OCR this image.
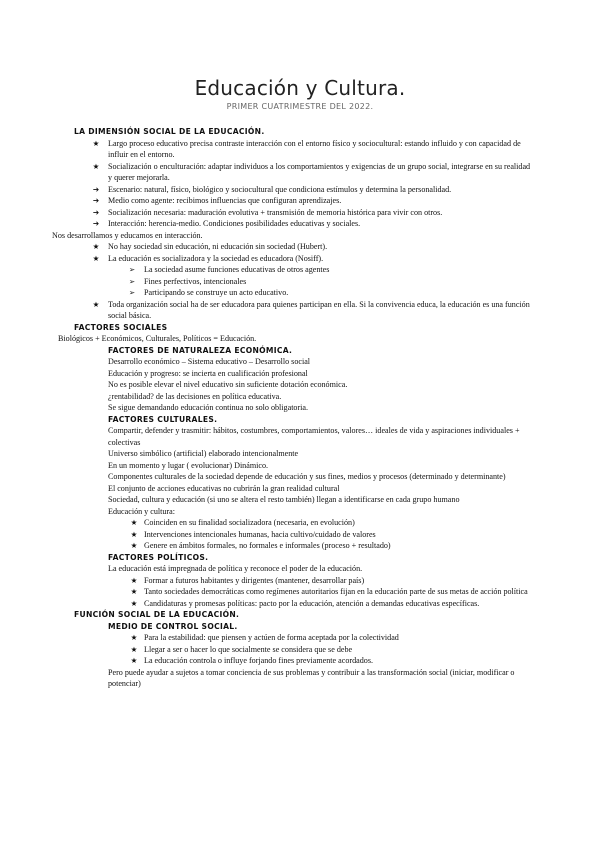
Educación y Cultura.
PRIMER CUATRIMESTRE DEL 2022.
LA DIMENSIÓN SOCIAL DE LA EDUCACIÓN.
★	Largo proceso educativo precisa contraste interacción con el entorno físico y sociocultural: estando influido y con capacidad de influir en el entorno.
★	Socialización o enculturación: adaptar individuos a los comportamientos y exigencias de un grupo social, integrarse en su realidad y querer mejorarla.
➔	Escenario: natural, físico, biológico y sociocultural que condiciona estímulos y determina la personalidad.
➔	Medio como agente: recibimos influencias que configuran aprendizajes.
➔	Socialización necesaria: maduración evolutiva + transmisión de memoria histórica para vivir con otros.
➔	Interacción: herencia-medio. Condiciones posibilidades educativas y sociales.

Nos desarrollamos y educamos en interacción.

★	No hay sociedad sin educación, ni educación sin sociedad (Hubert).
★	La educación es socializadora y la sociedad es educadora (Nosiff).
➢	La sociedad asume funciones educativas de otros agentes
➢	Fines perfectivos, intencionales
➢	Participando se construye un acto educativo.
★	Toda organización social ha de ser educadora para quienes participan en ella. Si la convivencia educa, la educación es una función social básica.
FACTORES SOCIALES

Biológicos + Económicos, Culturales, Políticos = Educación.

FACTORES DE NATURALEZA ECONÓMICA.

Desarrollo económico – Sistema educativo – Desarrollo social

Educación y progreso: se incierta en cualificación profesional

No es posible elevar el nivel educativo sin suficiente dotación económica.

¿rentabilidad? de las decisiones en política educativa.

Se sigue demandando educación continua no solo obligatoria.

FACTORES CULTURALES.

Compartir, defender y trasmitir: hábitos, costumbres, comportamientos, valores… ideales de vida y aspiraciones individuales + colectivas

Universo simbólico (artificial) elaborado intencionalmente

En un momento y lugar ( evolucionar) Dinámico.

Componentes culturales de la sociedad depende de educación y sus fines, medios y procesos (determinado y determinante)

El conjunto de acciones educativas no cubrirán la gran realidad cultural

Sociedad, cultura y educación (si uno se altera el resto también) llegan a identificarse en cada grupo humano

Educación y cultura:

★ Coinciden en su finalidad socializadora (necesaria, en evolución)
★ Intervenciones intencionales humanas, hacia cultivo/cuidado de valores
★ Genere en ámbitos formales, no formales e informales (proceso + resultado)
FACTORES POLÍTICOS.

La educación está impregnada de política y reconoce el poder de la educación.

★ Formar a futuros habitantes y dirigentes (mantener, desarrollar país)
★ Tanto sociedades democráticas como regímenes autoritarios fijan en la educación parte de sus metas de acción política
★ Candidaturas y promesas políticas: pacto por la educación, atención a demandas educativas específicas.
FUNCIÓN SOCIAL DE LA EDUCACIÓN.
MEDIO DE CONTROL SOCIAL.
★ Para la estabilidad: que piensen y actúen de forma aceptada por la colectividad
★ Llegar a ser o hacer lo que socialmente se considera que se debe
★ La educación controla o influye forjando fines previamente acordados.

Pero puede ayudar a sujetos a tomar conciencia de sus problemas y contribuir a las transformación social (iniciar, modificar o potenciar)
